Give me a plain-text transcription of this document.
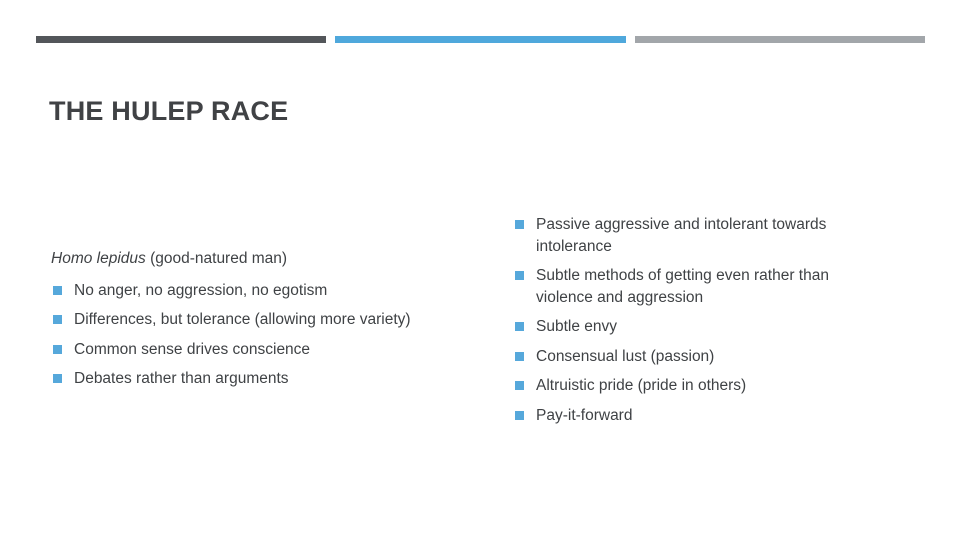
THE HULEP RACE

Homo lepidus (good-natured man)

No anger, no aggression, no egotism
Differences, but tolerance (allowing more variety)
Common sense drives conscience
Debates rather than arguments
Passive aggressive and intolerant towards intolerance
Subtle methods of getting even rather than violence and aggression
Subtle envy
Consensual lust (passion)
Altruistic pride (pride in others)
Pay-it-forward
